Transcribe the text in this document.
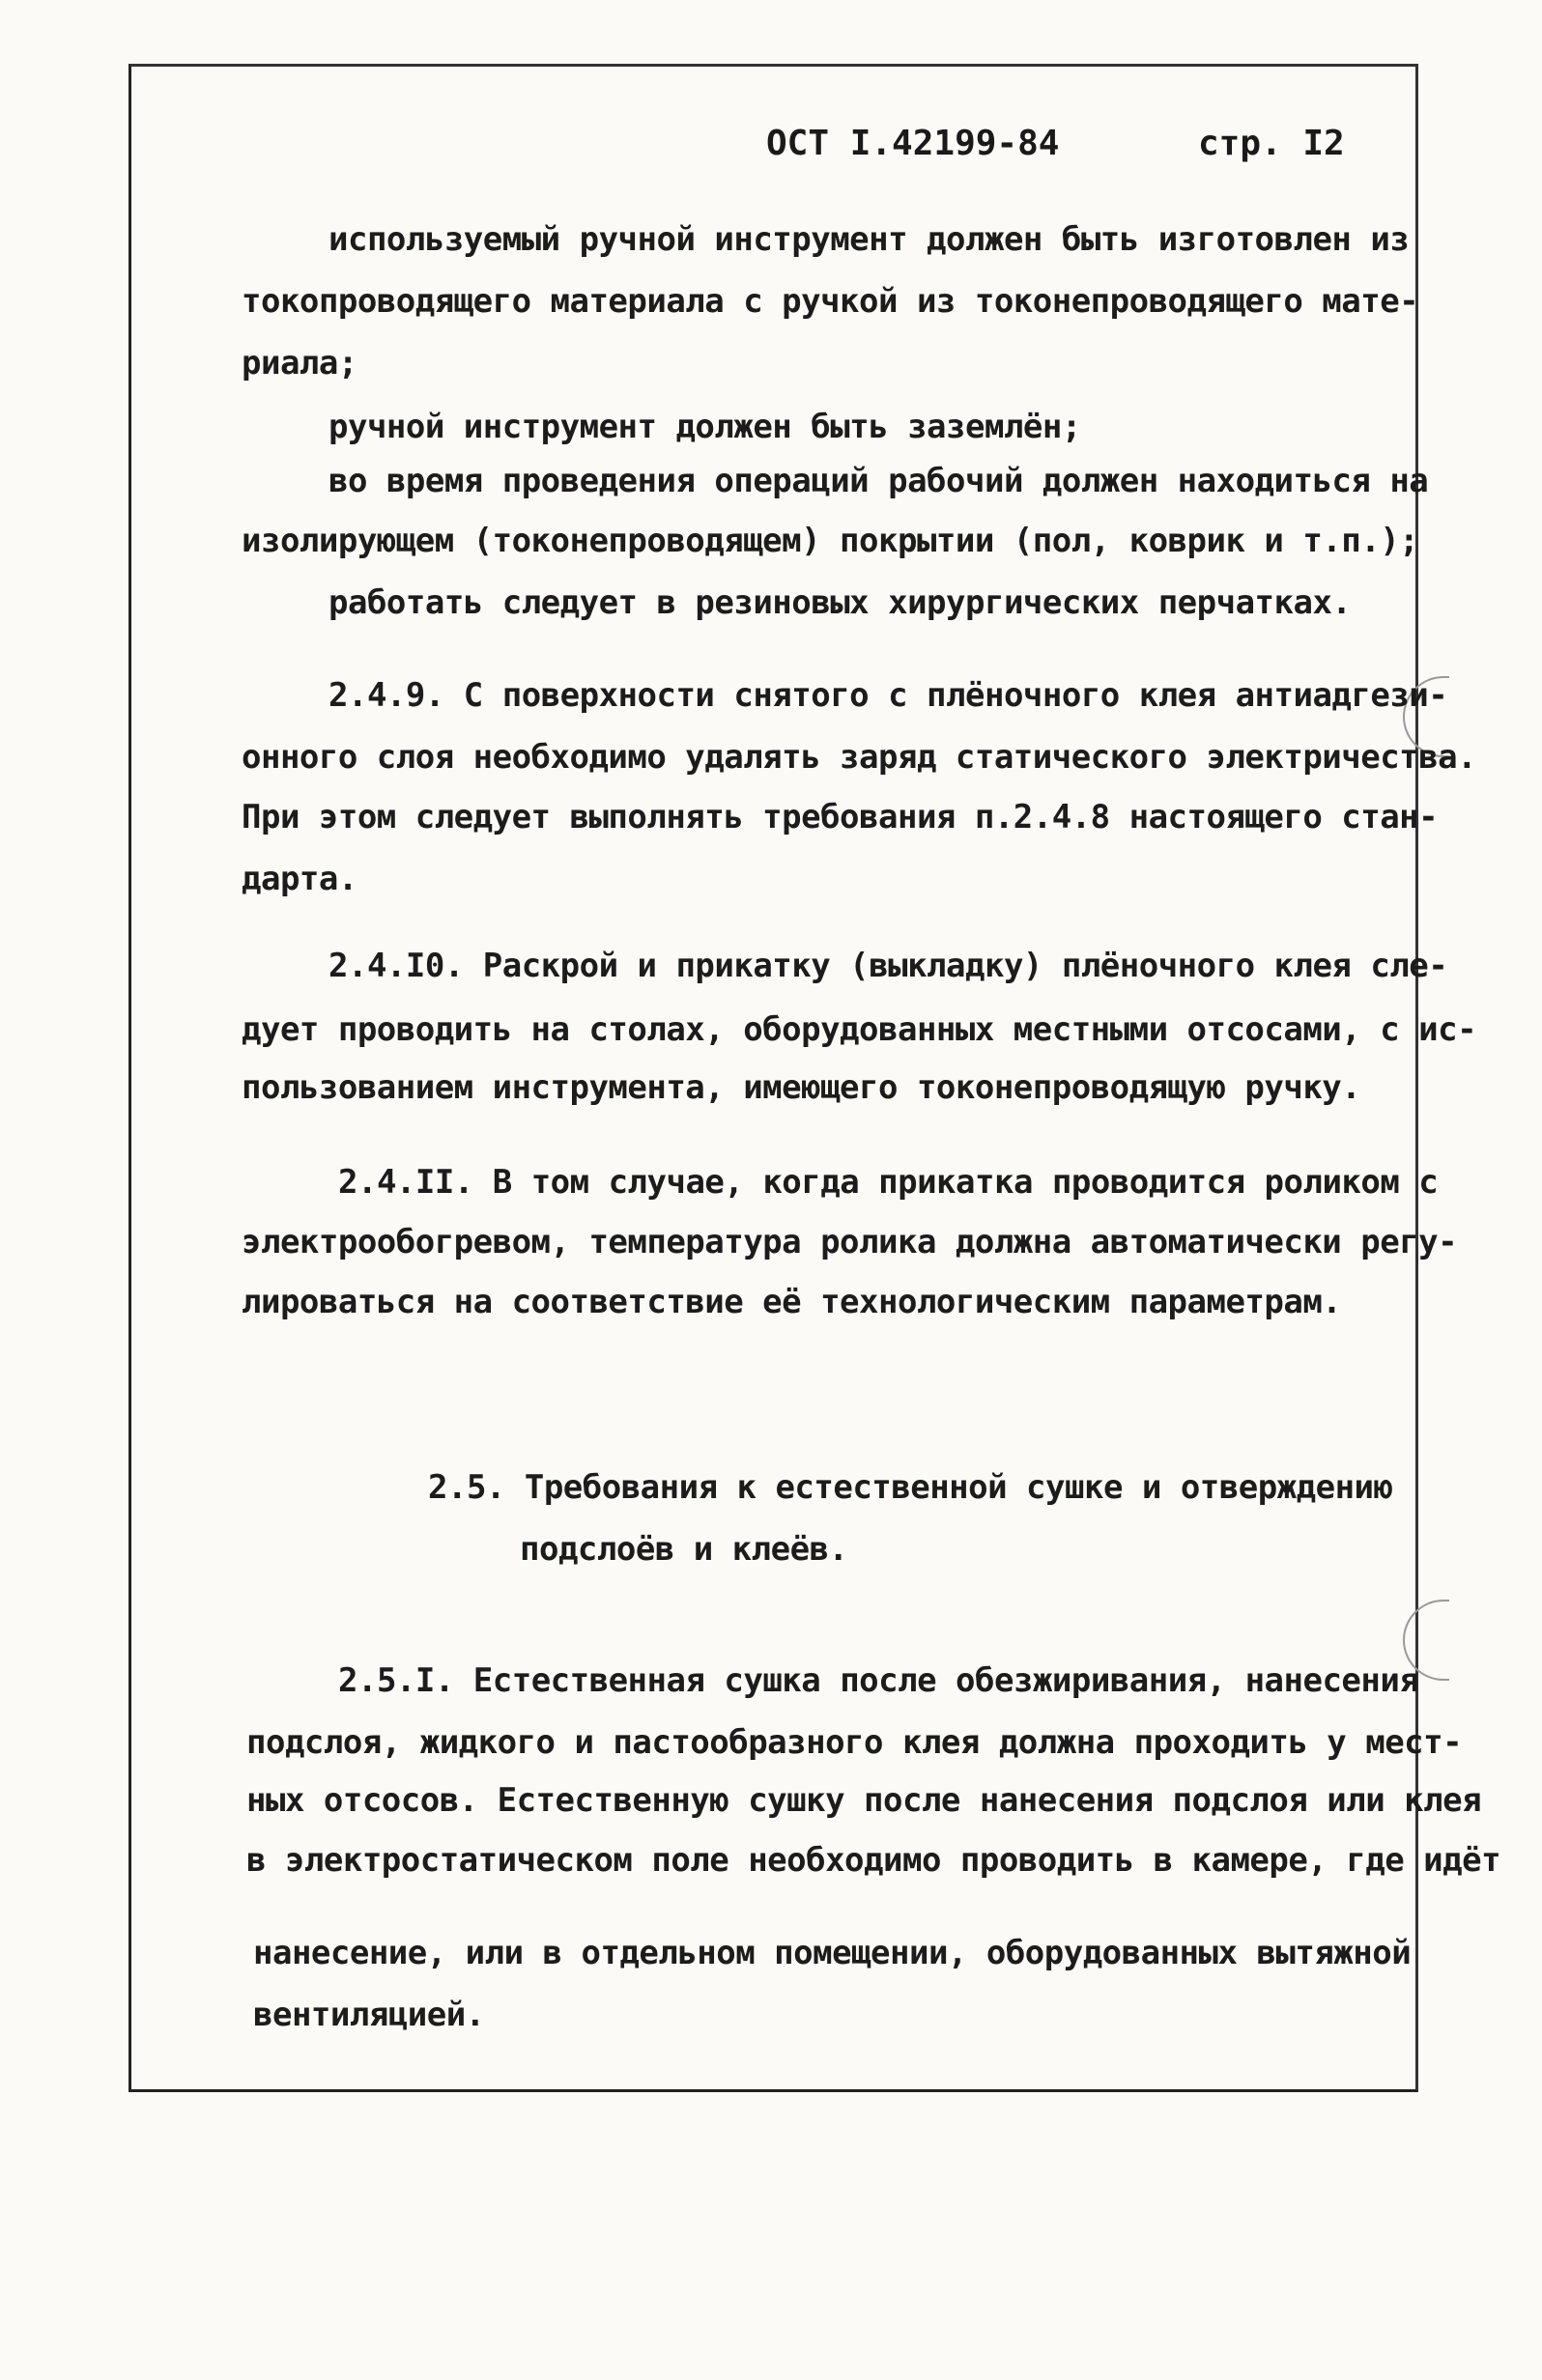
ОСТ I.42199-84	стр. I2
используемый ручной инструмент должен быть изготовлен из
токопроводящего материала с ручкой из токонепроводящего мате-
риала;
ручной инструмент должен быть заземлён;
во время проведения операций рабочий должен находиться на
изолирующем (токонепроводящем) покрытии (пол, коврик и т.п.);
работать следует в резиновых хирургических перчатках.
2.4.9. С поверхности снятого с плёночного клея антиадгези-
онного слоя необходимо удалять заряд статического электричества.
При этом следует выполнять требования п.2.4.8 настоящего стан-
дарта.
2.4.I0. Раскрой и прикатку (выкладку) плёночного клея сле-
дует проводить на столах, оборудованных местными отсосами, с ис-
пользованием инструмента, имеющего токонепроводящую ручку.
2.4.II. В том случае, когда прикатка проводится роликом с
электрообогревом, температура ролика должна автоматически регу-
лироваться на соответствие её технологическим параметрам.
2.5. Требования к естественной сушке и отверждению
подслоёв и клеёв.
2.5.I. Естественная сушка после обезжиривания, нанесения
подслоя, жидкого и пастообразного клея должна проходить у мест-
ных отсосов. Естественную сушку после нанесения подслоя или клея
в электростатическом поле необходимо проводить в камере, где идёт
нанесение, или в отдельном помещении, оборудованных вытяжной
вентиляцией.
